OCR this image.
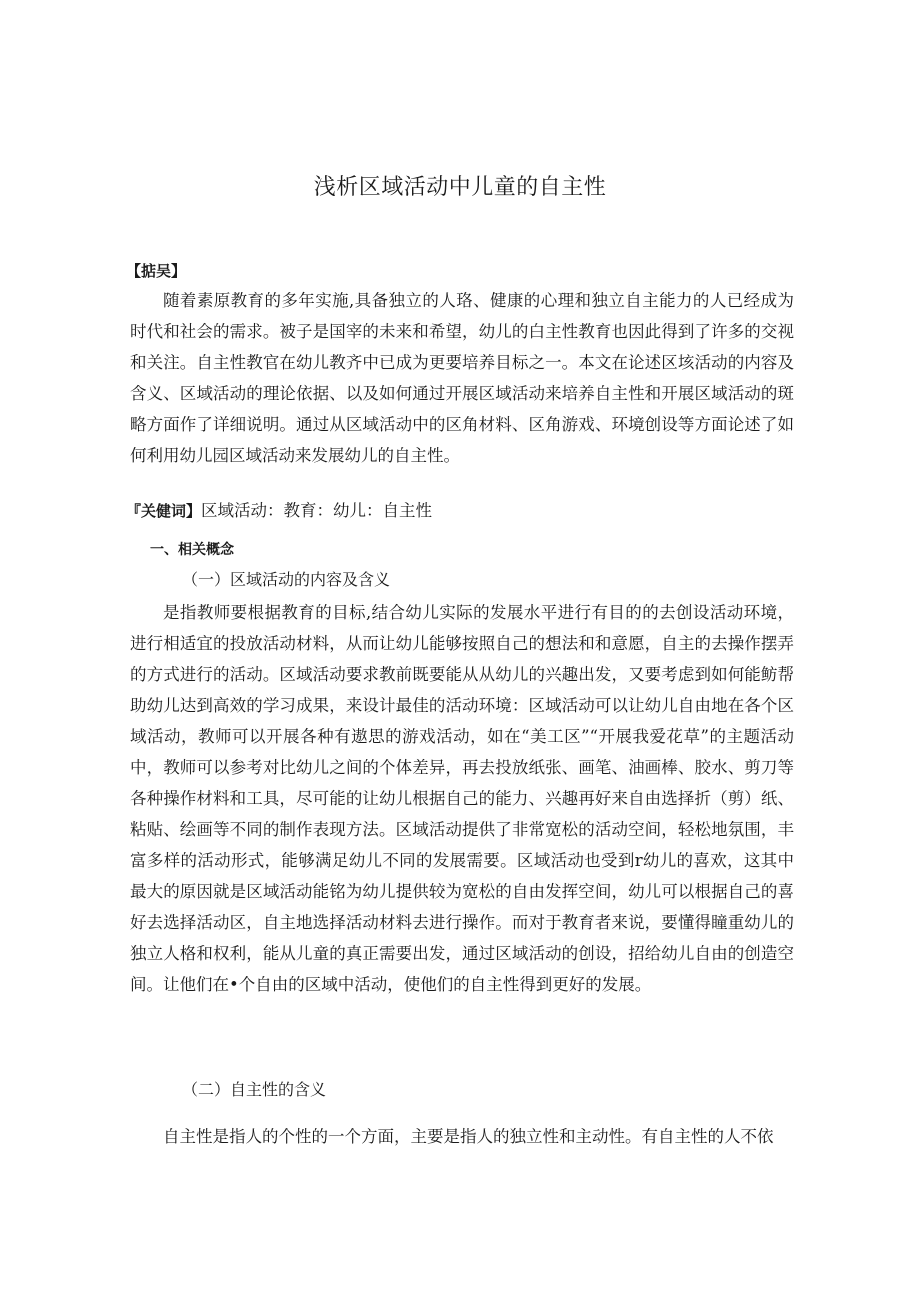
浅析区域活动中儿童的自主性
【掂吴】

随着素原教育的多年实施,具备独立的人珞、健康的心理和独立自主能力的人已经成为时代和社会的需求。被子是国宰的未来和希望，幼儿的白主性教育也因此得到了许多的交视和关注。自主性教官在幼儿教齐中已成为更要培养目标之一。本文在论述区垓活动的内容及含义、区域活动的理论依据、以及如何通过开展区域活动来培养自主性和开展区域活动的斑略方面作了详细说明。通过从区域活动中的区角材料、区角游戏、环境创设等方面论述了如何利用幼儿园区域活动来发展幼儿的自主性。

『关健词】区域活动：教育：幼儿：自主性
一、相关概念
（一）区域活动的内容及含义

是指教师要根据教育的目标,结合幼儿实际的发展水平进行有目的的去创设活动环境，进行相适宜的投放活动材料，从而让幼儿能够按照自己的想法和和意愿，自主的去操作摆弄的方式进行的活动。区域活动要求教前既要能从从幼儿的兴趣出发，又要考虑到如何能鲂帮助幼儿达到高效的学习成果，来设计最佳的活动环境：区域活动可以让幼儿自由地在各个区域活动，教师可以开展各种有遨思的游戏活动，如在“美工区”“开展我爱花草”的主题活动中，教师可以参考对比幼儿之间的个体差异，再去投放纸张、画笔、油画棒、胶水、剪刀等各种操作材料和工具，尽可能的让幼儿根据自己的能力、兴趣再好来自由选择折（剪）纸、粘贴、绘画等不同的制作表现方法。区域活动提供了非常宽松的活动空间，轻松地氛围，丰富多样的活动形式，能够满足幼儿不同的发展需要。区域活动也受到r幼儿的喜欢，这其中最大的原因就是区域活动能铭为幼儿提供较为宽松的自由发挥空间，幼儿可以根据自己的喜好去选择活动区，自主地选择活动材料去进行操作。而对于教育者来说，要懂得瞳重幼儿的独立人格和权利，能从儿童的真正需要出发，通过区域活动的创设，招给幼儿自由的创造空间。让他们在•个自由的区域中活动，使他们的自主性得到更好的发展。

（二）自主性的含义

自主性是指人的个性的一个方面，主要是指人的独立性和主动性。有自主性的人不依
